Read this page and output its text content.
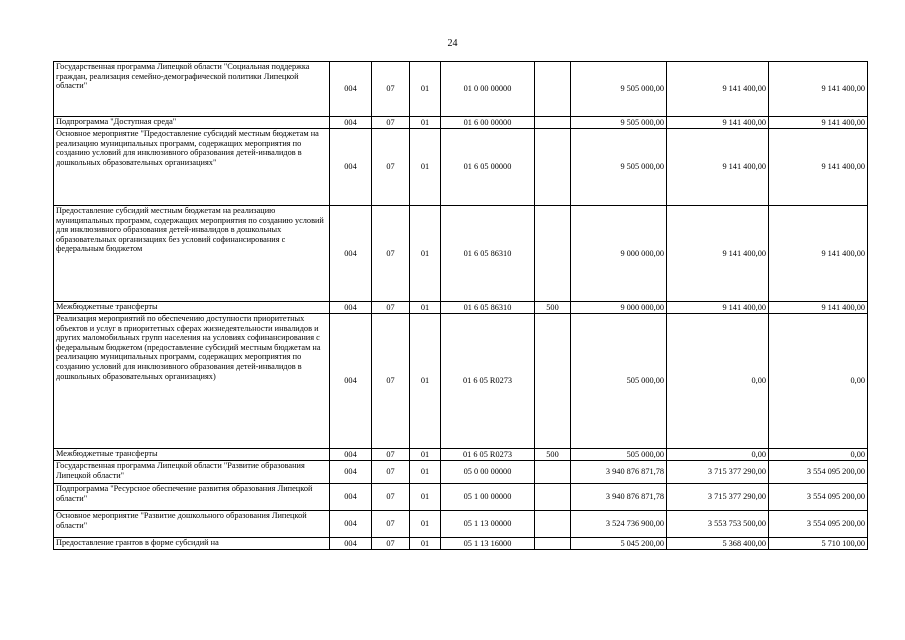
24
Государственная программа Липецкой области "Социальная поддержка граждан, реализация семейно-демографической политики Липецкой области"	004	07	01	01 0 00 00000		9 505 000,00	9 141 400,00	9 141 400,00
Подпрограмма "Доступная среда"	004	07	01	01 6 00 00000		9 505 000,00	9 141 400,00	9 141 400,00
Основное мероприятие "Предоставление субсидий местным бюджетам на реализацию муниципальных программ, содержащих мероприятия по созданию условий для инклюзивного образования детей-инвалидов в дошкольных образовательных организациях"	004	07	01	01 6 05 00000		9 505 000,00	9 141 400,00	9 141 400,00
Предоставление субсидий местным бюджетам на реализацию муниципальных программ, содержащих мероприятия по созданию условий для инклюзивного образования детей-инвалидов в дошкольных образовательных организациях без условий софинансирования с федеральным бюджетом	004	07	01	01 6 05 86310		9 000 000,00	9 141 400,00	9 141 400,00
Межбюджетные трансферты	004	07	01	01 6 05 86310	500	9 000 000,00	9 141 400,00	9 141 400,00
Реализация мероприятий по обеспечению доступности приоритетных объектов и услуг в приоритетных сферах жизнедеятельности инвалидов и других маломобильных групп населения на условиях софинансирования с федеральным бюджетом (предоставление субсидий местным бюджетам на реализацию муниципальных программ, содержащих мероприятия по созданию условий для инклюзивного образования детей-инвалидов в дошкольных образовательных организациях)	004	07	01	01 6 05 R0273		505 000,00	0,00	0,00
Межбюджетные трансферты	004	07	01	01 6 05 R0273	500	505 000,00	0,00	0,00
Государственная программа Липецкой области "Развитие образования Липецкой области"	004	07	01	05 0 00 00000		3 940 876 871,78	3 715 377 290,00	3 554 095 200,00
Подпрограмма "Ресурсное обеспечение развития образования Липецкой области"	004	07	01	05 1 00 00000		3 940 876 871,78	3 715 377 290,00	3 554 095 200,00
Основное мероприятие "Развитие дошкольного образования Липецкой области"	004	07	01	05 1 13 00000		3 524 736 900,00	3 553 753 500,00	3 554 095 200,00
Предоставление грантов в форме субсидий на	004	07	01	05 1 13 16000		5 045 200,00	5 368 400,00	5 710 100,00
